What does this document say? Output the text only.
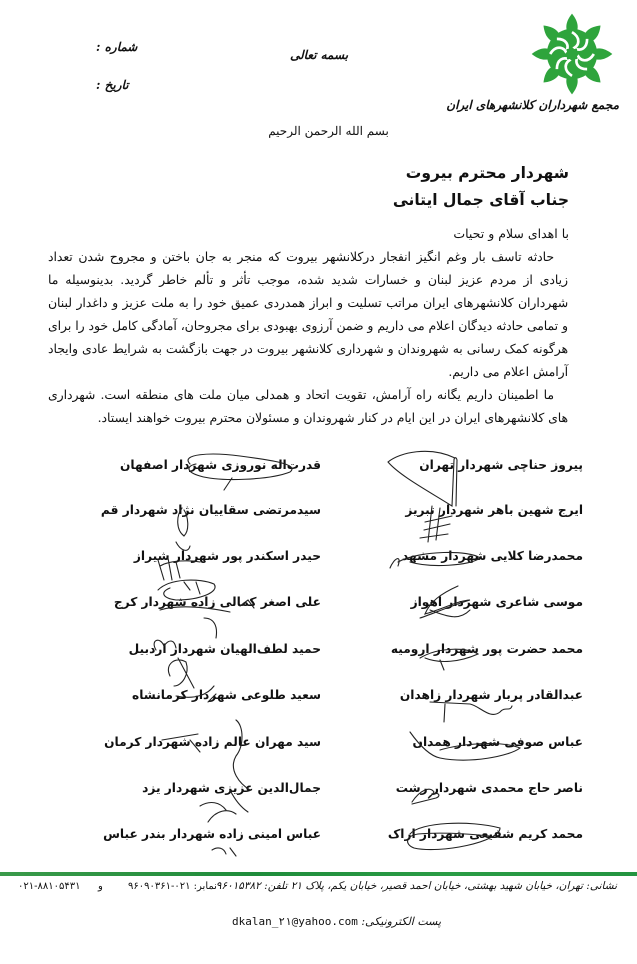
مجمع شهرداران کلانشهرهای ایران
بسمه تعالی
شماره :
تاریخ :
بسم الله الرحمن الرحیم
شهردار محترم بیروت
جناب آقای جمال ایتانی
با اهدای سلام و تحیات

حادثه تاسف بار وغم انگیز انفجار درکلانشهر بیروت که منجر به جان باختن و مجروح شدن تعداد زیادی از مردم عزیز لبنان و خسارات شدید شده، موجب تأثر و تألم خاطر گردید. بدینوسیله ما شهرداران کلانشهرهای ایران مراتب تسلیت و ابراز همدردی عمیق خود را به ملت عزیز و داغدار لبنان و تمامی حادثه دیدگان اعلام می داریم و ضمن آرزوی بهبودی برای مجروحان، آمادگی کامل خود را برای هرگونه کمک رسانی به شهروندان و شهرداری کلانشهر بیروت در جهت بازگشت به شرایط عادی وایجاد آرامش اعلام می داریم.

ما اطمینان داریم یگانه راه آرامش، تقویت اتحاد و همدلی میان ملت های منطقه است. شهرداری های کلانشهرهای ایران در این ایام در کنار شهروندان و مسئولان محترم بیروت خواهند ایستاد.

پیروز حناچی شهردار تهران
ایرج شهین باهر شهردار تبریز
محمدرضا کلایی شهردار مشهد
موسی شاعری شهردار اهواز
محمد حضرت پور شهردار ارومیه
عبدالقادر پربار شهردار زاهدان
عباس صوفی شهردار همدان
ناصر حاج محمدی شهردار رشت
محمد کریم شفیعی شهردار اراک
قدرت‌اله نوروزی شهردار اصفهان
سیدمرتضی سقاییان نژاد شهردار قم
حیدر اسکندر پور شهردار شیراز
علی اصغر کمالی زاده شهردار کرج
حمید لطف‌الهیان شهردار اردبیل
سعید طلوعی شهردار کرمانشاه
سید مهران عالم زاده شهردار کرمان
جمال‌الدین عزیزی شهردار یزد
عباس امینی زاده شهردار بندر عباس
نشانی: تهران، خیابان شهید بهشتی، خیابان احمد قصیر، خیابان یکم، پلاک ۲۱ تلفن: ۹۶۰۱۵۳۸۲
نمابر: ۰۲۱-۹۶۰۹۰۳۶۱
و
۰۲۱-۸۸۱۰۵۴۳۱
پست الکترونیکی: dkalan_۲۱@yahoo.com
